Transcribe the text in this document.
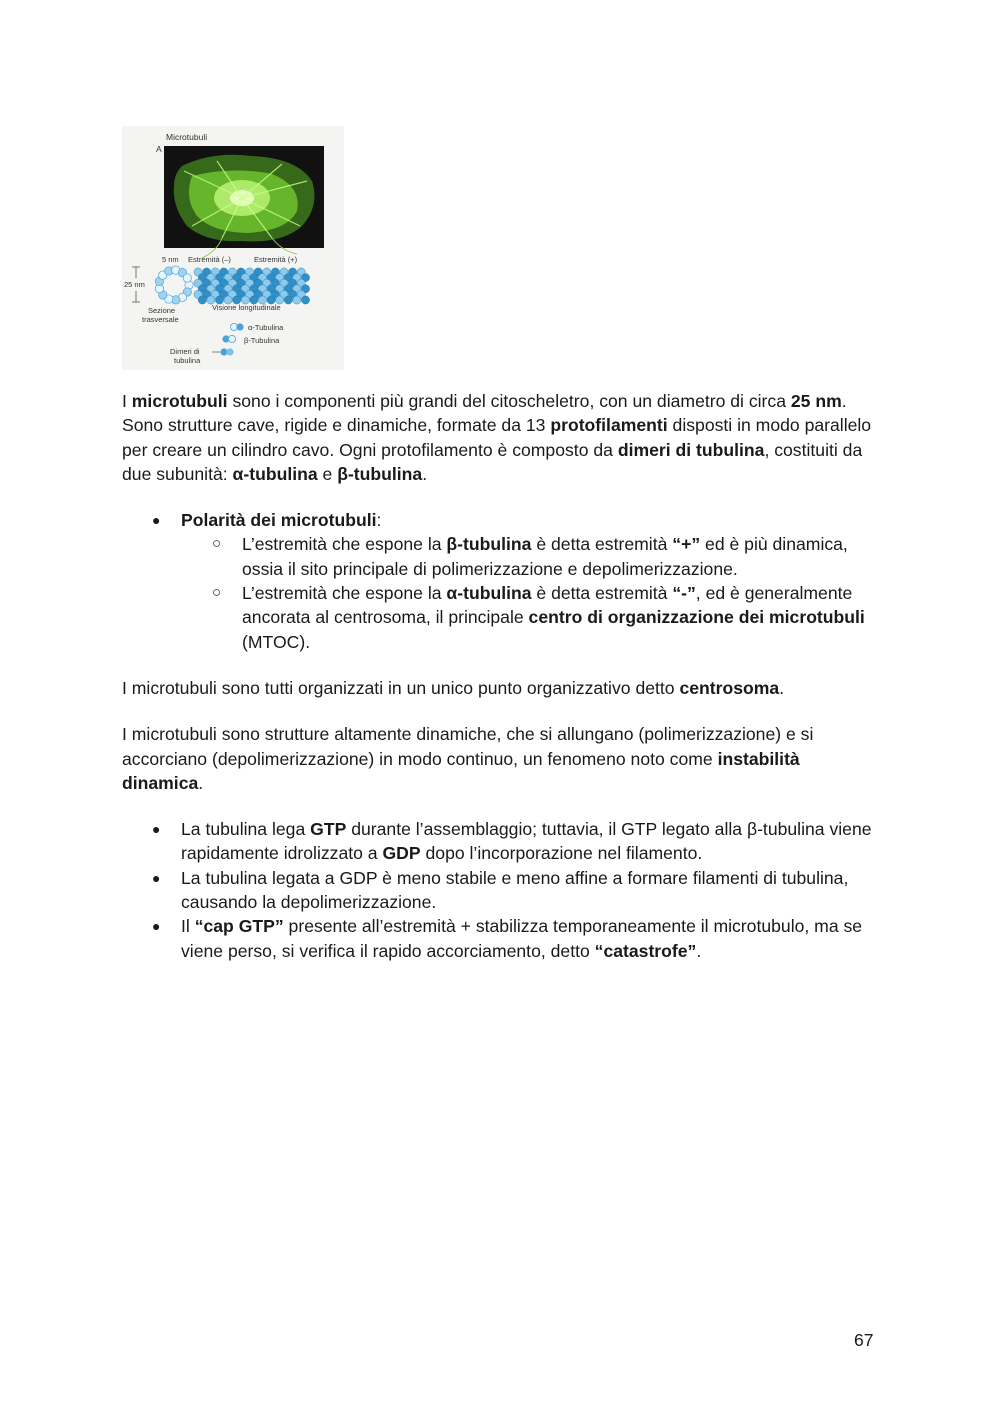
Microtubuli
A
5 nm Estremità (–)	Estremità (+)
25 nm
Sezione
trasversale
Visione longitudinale
α-Tubulina
β-Tubulina
Dimeri di
tubulina

I microtubuli sono i componenti più grandi del citoscheletro, con un diametro di circa 25 nm. Sono strutture cave, rigide e dinamiche, formate da 13 protofilamenti disposti in modo parallelo per creare un cilindro cavo. Ogni protofilamento è composto da dimeri di tubulina, costituiti da due subunità: α-tubulina e β-tubulina.

● Polarità dei microtubuli:
○ L’estremità che espone la β-tubulina è detta estremità “+” ed è più dinamica, ossia il sito principale di polimerizzazione e depolimerizzazione.
○ L’estremità che espone la α-tubulina è detta estremità “-”, ed è generalmente ancorata al centrosoma, il principale centro di organizzazione dei microtubuli (MTOC).

I microtubuli sono tutti organizzati in un unico punto organizzativo detto centrosoma.

I microtubuli sono strutture altamente dinamiche, che si allungano (polimerizzazione) e si accorciano (depolimerizzazione) in modo continuo, un fenomeno noto come instabilità dinamica.

● La tubulina lega GTP durante l’assemblaggio; tuttavia, il GTP legato alla β-tubulina viene rapidamente idrolizzato a GDP dopo l’incorporazione nel filamento.
● La tubulina legata a GDP è meno stabile e meno affine a formare filamenti di tubulina, causando la depolimerizzazione.
● Il “cap GTP” presente all’estremità + stabilizza temporaneamente il microtubulo, ma se viene perso, si verifica il rapido accorciamento, detto “catastrofe”.
67
